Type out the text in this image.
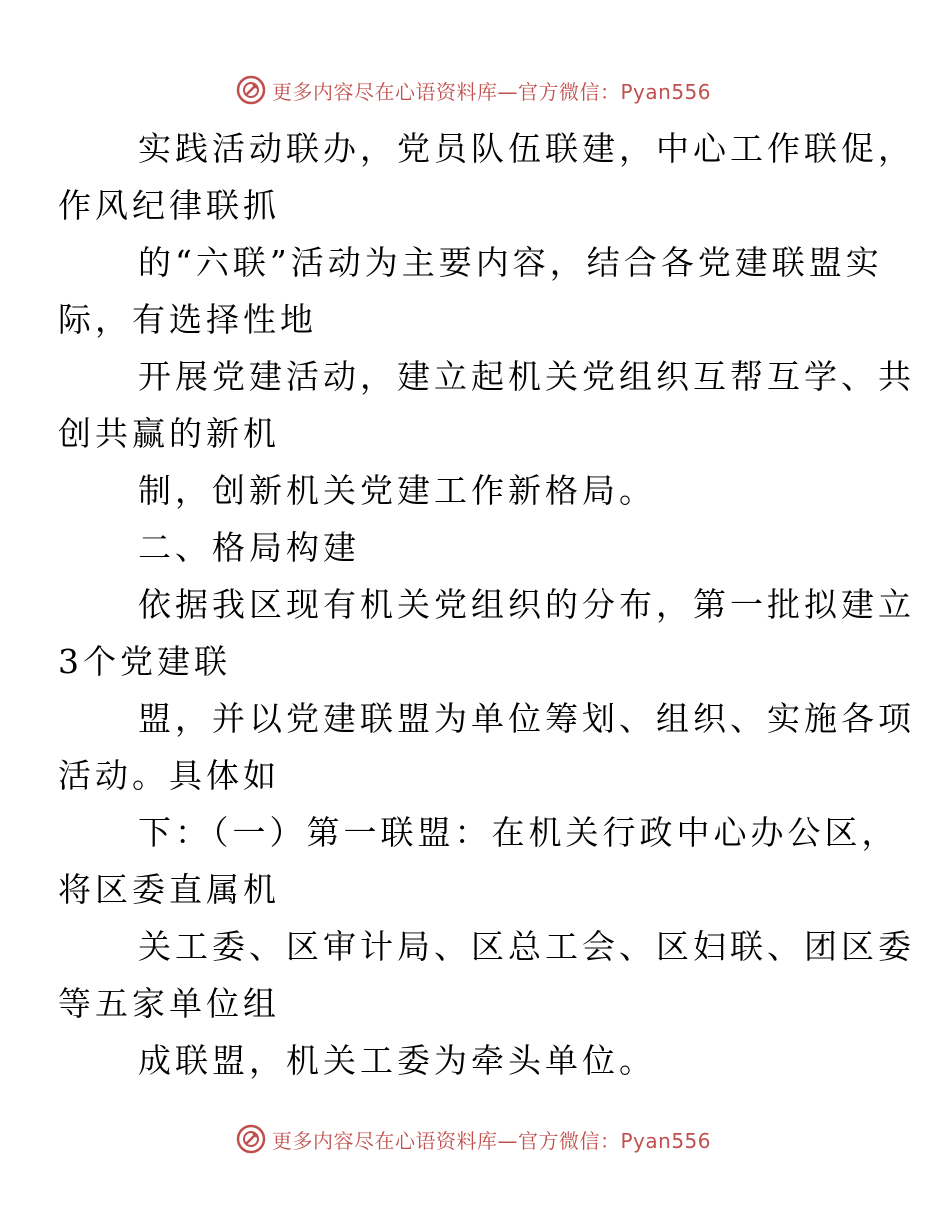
更多内容尽在心语资料库—官方微信：Pyan556

实践活动联办，党员队伍联建，中心工作联促，
作风纪律联抓

的“六联”活动为主要内容，结合各党建联盟实
际，有选择性地

开展党建活动，建立起机关党组织互帮互学、共
创共赢的新机

制，创新机关党建工作新格局。

二、格局构建

依据我区现有机关党组织的分布，第一批拟建立
3个党建联

盟，并以党建联盟为单位筹划、组织、实施各项
活动。具体如

下：（一）第一联盟：在机关行政中心办公区，
将区委直属机

关工委、区审计局、区总工会、区妇联、团区委
等五家单位组

成联盟，机关工委为牵头单位。

更多内容尽在心语资料库—官方微信：Pyan556
